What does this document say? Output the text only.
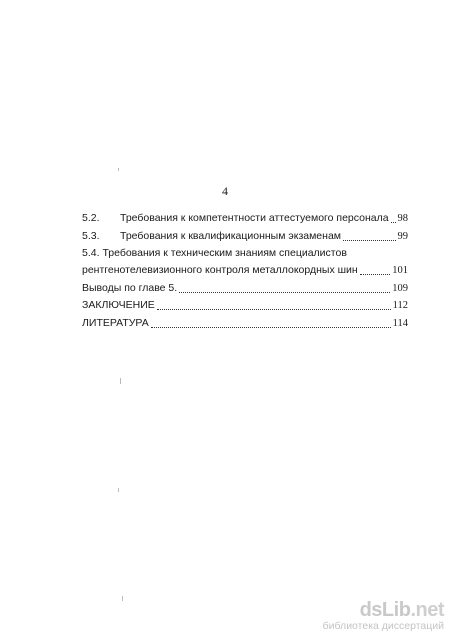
4
5.2.	Требования к компетентности аттестуемого персонала 98
5.3.	Требования к квалификационным экзаменам	99
5.4. Требования к техническим знаниям специалистов
рентгенотелевизионного контроля металлокордных шин	101
Выводы по главе 5.	109
ЗАКЛЮЧЕНИЕ	112
ЛИТЕРАТУРА	114
dsLib.net
библиотека диссертаций
